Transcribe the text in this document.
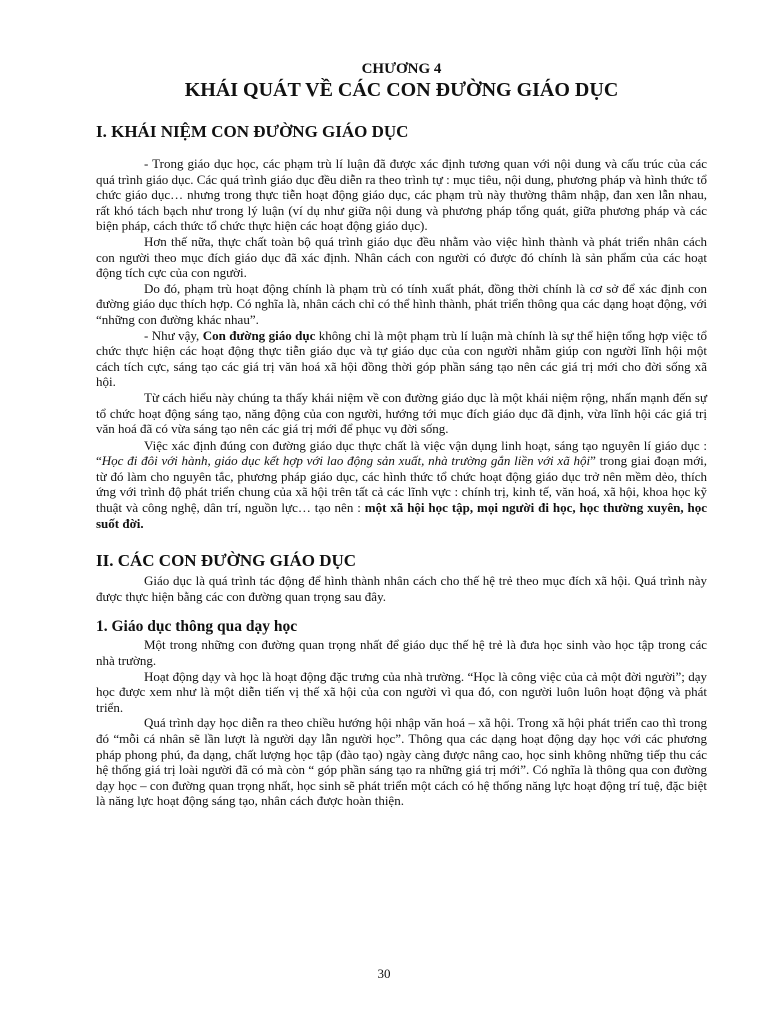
CHƯƠNG 4
KHÁI QUÁT VỀ CÁC CON ĐƯỜNG GIÁO DỤC
I. KHÁI NIỆM CON ĐƯỜNG GIÁO DỤC

- Trong giáo dục học, các phạm trù lí luận đã được xác định tương quan với nội dung và cấu trúc của các quá trình giáo dục. Các quá trình giáo dục đều diễn ra theo trình tự : mục tiêu, nội dung, phương pháp và hình thức tổ chức giáo dục… nhưng trong thực tiễn hoạt động giáo dục, các phạm trù này thường thâm nhập, đan xen lẫn nhau, rất khó tách bạch như trong lý luận (ví dụ như giữa nội dung và phương pháp tổng quát, giữa phương pháp và các biện pháp, cách thức tổ chức thực hiện các hoạt động giáo dục).

Hơn thế nữa, thực chất toàn bộ quá trình giáo dục đều nhằm vào việc hình thành và phát triển nhân cách con người theo mục đích giáo dục đã xác định. Nhân cách con người có được đó chính là sản phẩm của các hoạt động tích cực của con người.

Do đó, phạm trù hoạt động chính là phạm trù có tính xuất phát, đồng thời chính là cơ sở để xác định con đường giáo dục thích hợp. Có nghĩa là, nhân cách chỉ có thể hình thành, phát triển thông qua các dạng hoạt động, với “những con đường khác nhau”.

- Như vậy, Con đường giáo dục không chỉ là một phạm trù lí luận mà chính là sự thể hiện tổng hợp việc tổ chức thực hiện các hoạt động thực tiễn giáo dục và tự giáo dục của con người nhằm giúp con người lĩnh hội một cách tích cực, sáng tạo các giá trị văn hoá xã hội đồng thời góp phần sáng tạo nên các giá trị mới cho đời sống xã hội.

Từ cách hiểu này chúng ta thấy khái niệm về con đường giáo dục là một khái niệm rộng, nhấn mạnh đến sự tổ chức hoạt động sáng tạo, năng động của con người, hướng tới mục đích giáo dục đã định, vừa lĩnh hội các giá trị văn hoá đã có vừa sáng tạo nên các giá trị mới để phục vụ đời sống.

Việc xác định đúng con đường giáo dục thực chất là việc vận dụng linh hoạt, sáng tạo nguyên lí giáo dục : “Học đi đôi với hành, giáo dục kết hợp với lao động sản xuất, nhà trường gắn liền với xã hội” trong giai đoạn mới, từ đó làm cho nguyên tắc, phương pháp giáo dục, các hình thức tổ chức hoạt động giáo dục trở nên mềm dẻo, thích ứng với trình độ phát triển chung của xã hội trên tất cả các lĩnh vực : chính trị, kinh tế, văn hoá, xã hội, khoa học kỹ thuật và công nghệ, dân trí, nguồn lực… tạo nên : một xã hội học tập, mọi người đi học, học thường xuyên, học suốt đời.

II. CÁC CON ĐƯỜNG GIÁO DỤC

Giáo dục là quá trình tác động để hình thành nhân cách cho thế hệ trẻ theo mục đích xã hội. Quá trình này được thực hiện bằng các con đường quan trọng sau đây.

1. Giáo dục thông qua dạy học

Một trong những con đường quan trọng nhất để giáo dục thế hệ trẻ là đưa học sinh vào học tập trong các nhà trường.

Hoạt động dạy và học là hoạt động đặc trưng của nhà trường. “Học là công việc của cả một đời người”; dạy học được xem như là một diễn tiến vị thế xã hội của con người vì qua đó, con người luôn luôn hoạt động và phát triển.

Quá trình dạy học diễn ra theo chiều hướng hội nhập văn hoá – xã hội. Trong xã hội phát triển cao thì trong đó “mỗi cá nhân sẽ lần lượt là người dạy lẫn người học”. Thông qua các dạng hoạt động dạy học với các phương pháp phong phú, đa dạng, chất lượng học tập (đào tạo) ngày càng được nâng cao, học sinh không những tiếp thu các hệ thống giá trị loài người đã có mà còn “ góp phần sáng tạo ra những giá trị mới”. Có nghĩa là thông qua con đường dạy học – con đường quan trọng nhất, học sinh sẽ phát triển một cách có hệ thống năng lực hoạt động trí tuệ, đặc biệt là năng lực hoạt động sáng tạo, nhân cách được hoàn thiện.

30
